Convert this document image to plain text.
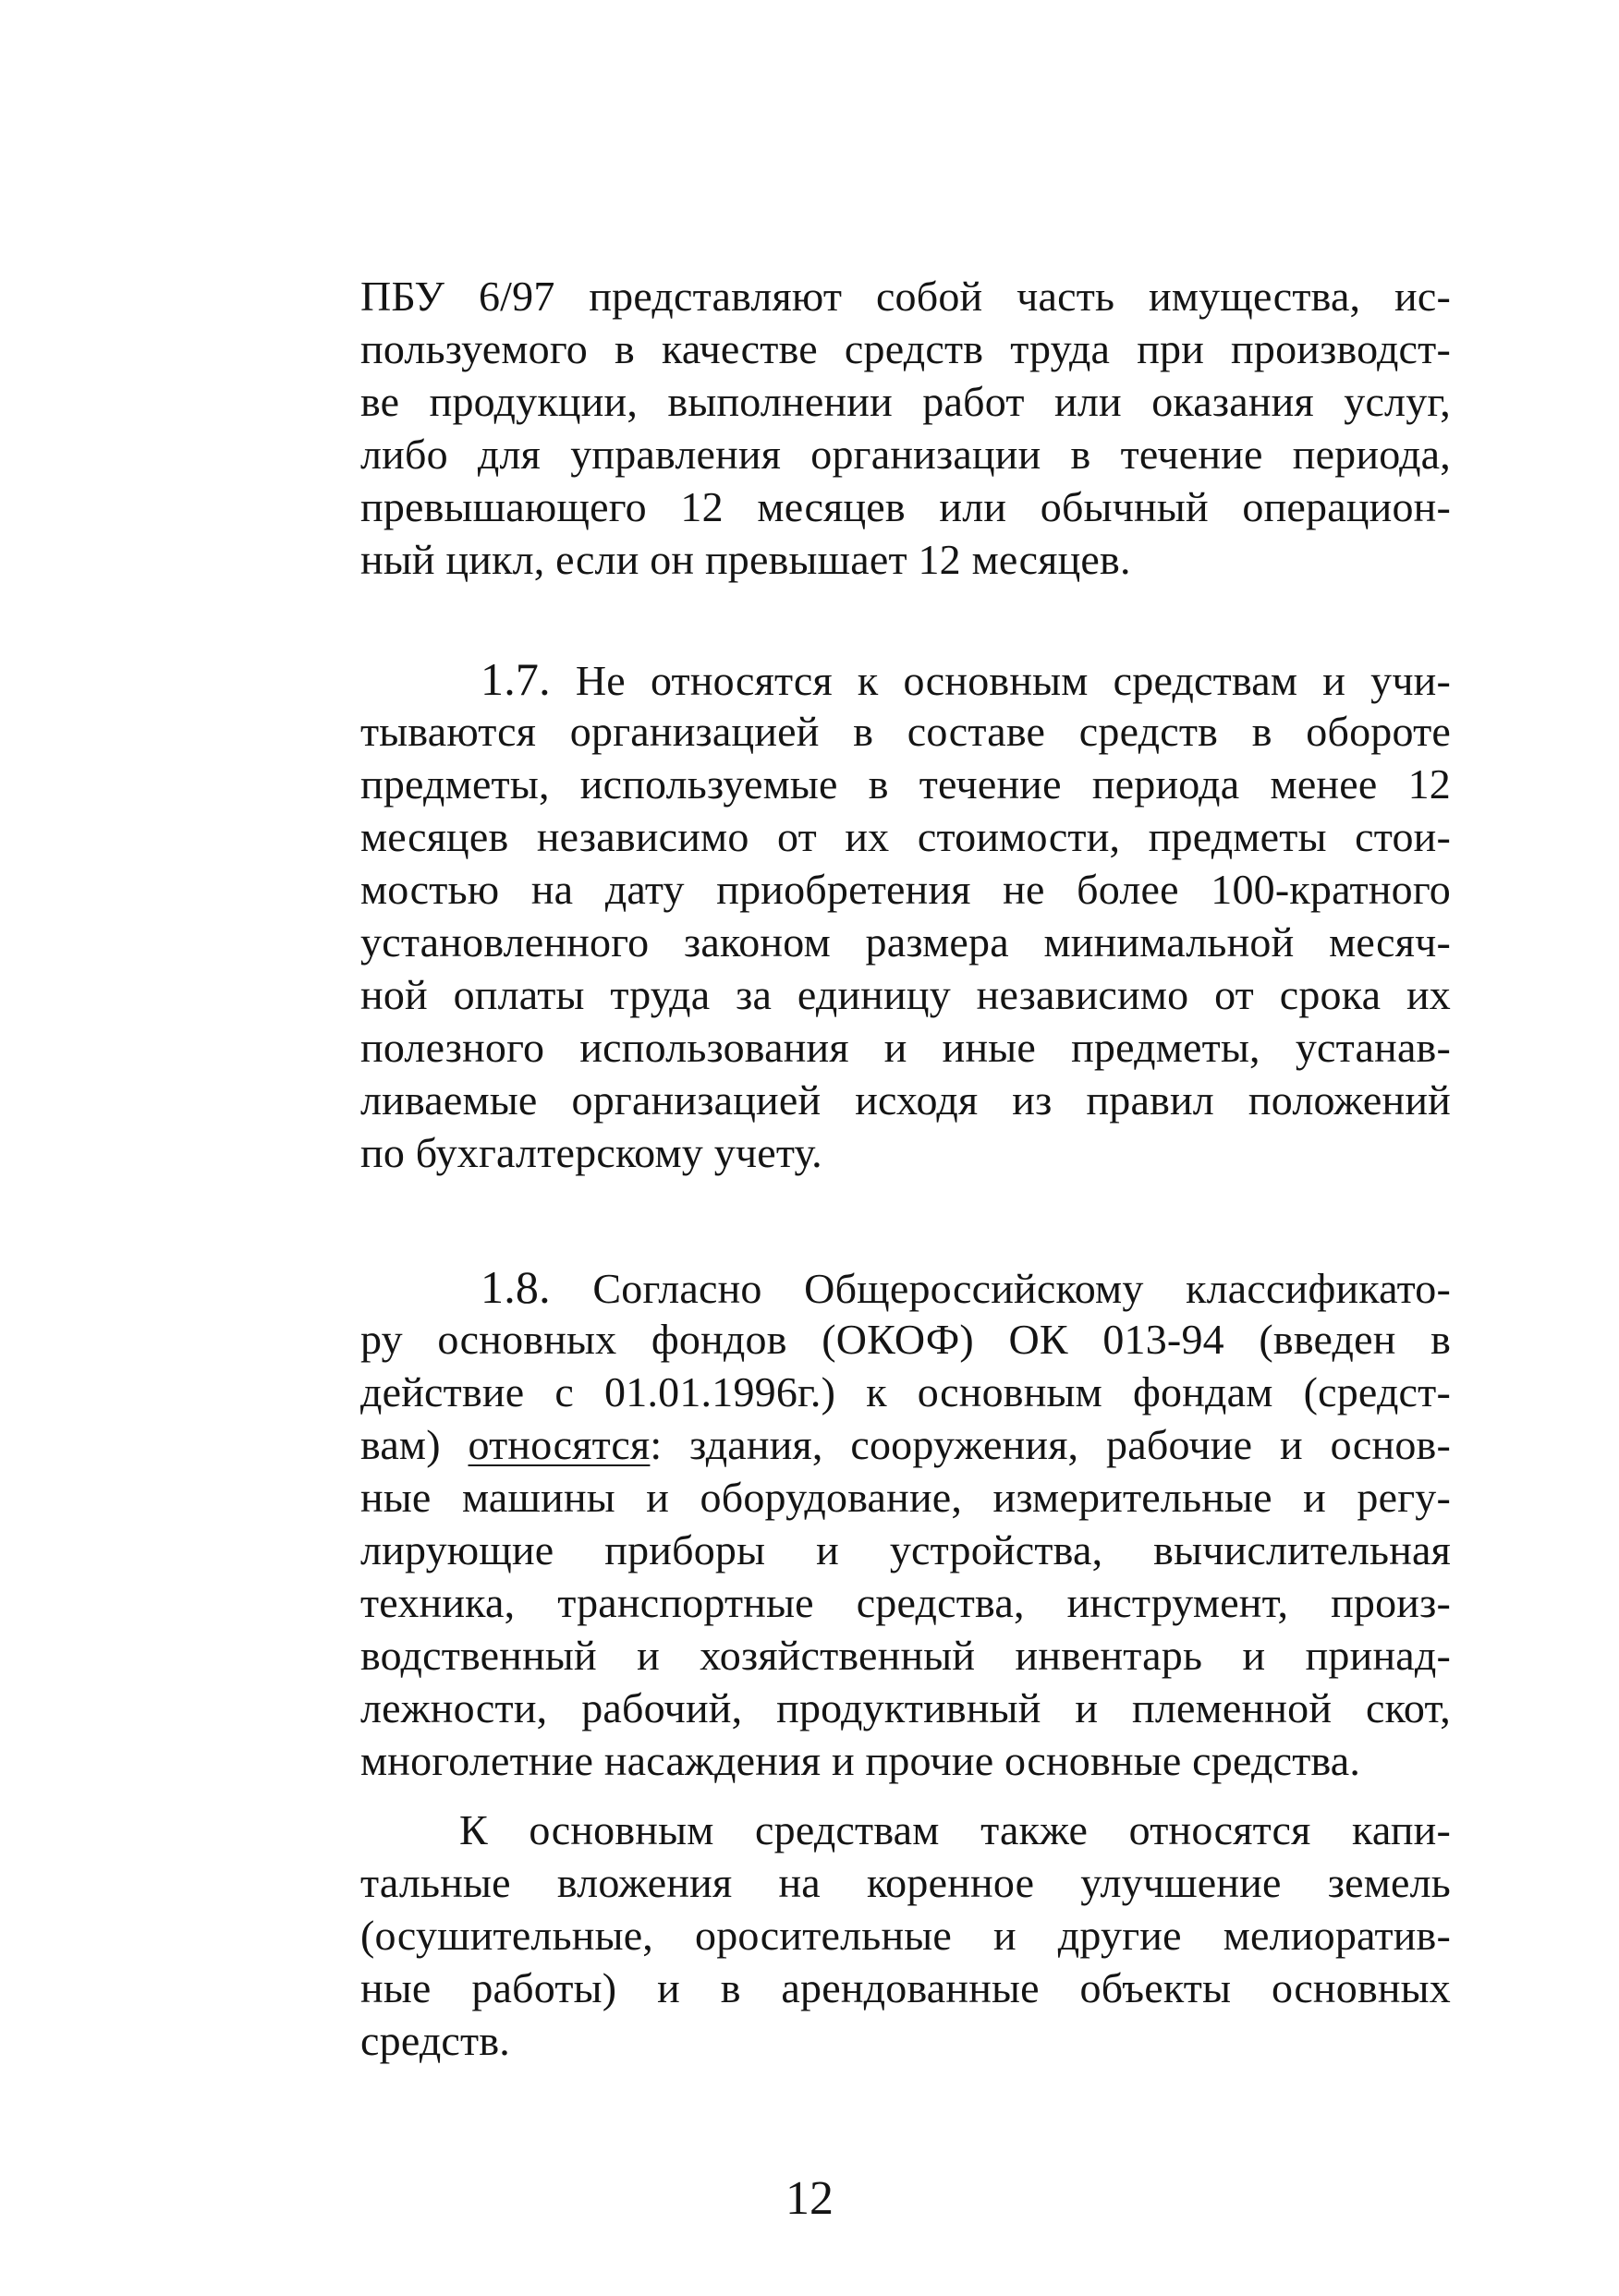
ПБУ 6/97 представляют собой часть имущества, ис-
пользуемого в качестве средств труда при производст-
ве продукции, выполнении работ или оказания услуг,
либо для управления организации в течение периода,
превышающего 12 месяцев или обычный операцион-
ный цикл, если он превышает 12 месяцев.
1.7. Не относятся к основным средствам и учи-
тываются организацией в составе средств в обороте
предметы, используемые в течение периода менее 12
месяцев независимо от их стоимости, предметы стои-
мостью на дату приобретения не более 100-кратного
установленного законом размера минимальной месяч-
ной оплаты труда за единицу независимо от срока их
полезного использования и иные предметы, устанав-
ливаемые организацией исходя из правил положений
по бухгалтерскому учету.
1.8. Согласно Общероссийскому классификато-
ру основных фондов (ОКОФ) ОК 013-94 (введен в
действие с 01.01.1996г.) к основным фондам (средст-
вам) относятся: здания, сооружения, рабочие и основ-
ные машины и оборудование, измерительные и регу-
лирующие приборы и устройства, вычислительная
техника, транспортные средства, инструмент, произ-
водственный и хозяйственный инвентарь и принад-
лежности, рабочий, продуктивный и племенной скот,
многолетние насаждения и прочие основные средства.
К основным средствам также относятся капи-
тальные вложения на коренное улучшение земель
(осушительные, оросительные и другие мелиоратив-
ные работы) и в арендованные объекты основных
средств.
12
